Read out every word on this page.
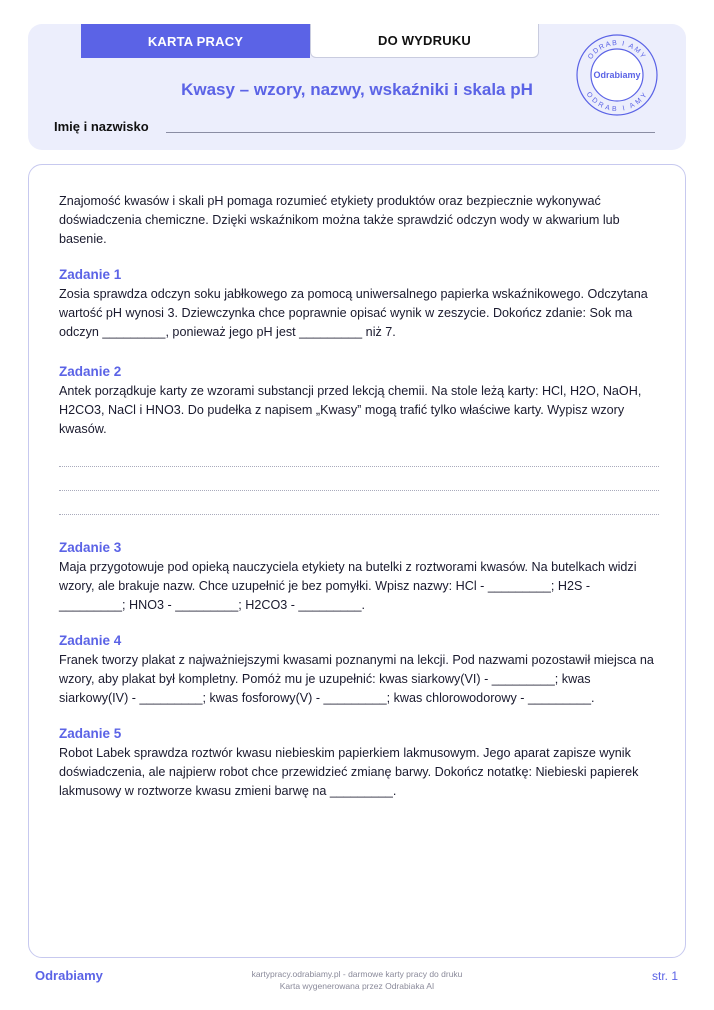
KARTA PRACY	DO WYDRUKU
Kwasy – wzory, nazwy, wskaźniki i skala pH
Imię i nazwisko
ODRAB I AMY
ODRAB I AMY
Odrabiamy

Znajomość kwasów i skali pH pomaga rozumieć etykiety produktów oraz bezpiecznie wykonywać doświadczenia chemiczne. Dzięki wskaźnikom można także sprawdzić odczyn wody w akwarium lub basenie.

Zadanie 1

Zosia sprawdza odczyn soku jabłkowego za pomocą uniwersalnego papierka wskaźnikowego. Odczytana wartość pH wynosi 3. Dziewczynka chce poprawnie opisać wynik w zeszycie. Dokończ zdanie: Sok ma odczyn _________, ponieważ jego pH jest _________ niż 7.

Zadanie 2

Antek porządkuje karty ze wzorami substancji przed lekcją chemii. Na stole leżą karty: HCl, H2O, NaOH, H2CO3, NaCl i HNO3. Do pudełka z napisem „Kwasy” mogą trafić tylko właściwe karty. Wypisz wzory kwasów.

Zadanie 3

Maja przygotowuje pod opieką nauczyciela etykiety na butelki z roztworami kwasów. Na butelkach widzi wzory, ale brakuje nazw. Chce uzupełnić je bez pomyłki. Wpisz nazwy: HCl - _________; H2S - _________; HNO3 - _________; H2CO3 - _________.

Zadanie 4

Franek tworzy plakat z najważniejszymi kwasami poznanymi na lekcji. Pod nazwami pozostawił miejsca na wzory, aby plakat był kompletny. Pomóż mu je uzupełnić: kwas siarkowy(VI) - _________; kwas siarkowy(IV) - _________; kwas fosforowy(V) - _________; kwas chlorowodorowy - _________.

Zadanie 5

Robot Labek sprawdza roztwór kwasu niebieskim papierkiem lakmusowym. Jego aparat zapisze wynik doświadczenia, ale najpierw robot chce przewidzieć zmianę barwy. Dokończ notatkę: Niebieski papierek lakmusowy w roztworze kwasu zmieni barwę na _________.

Odrabiamy	kartypracy.odrabiamy.pl - darmowe karty pracy do druku
Karta wygenerowana przez Odrabiaka AI
str. 1
